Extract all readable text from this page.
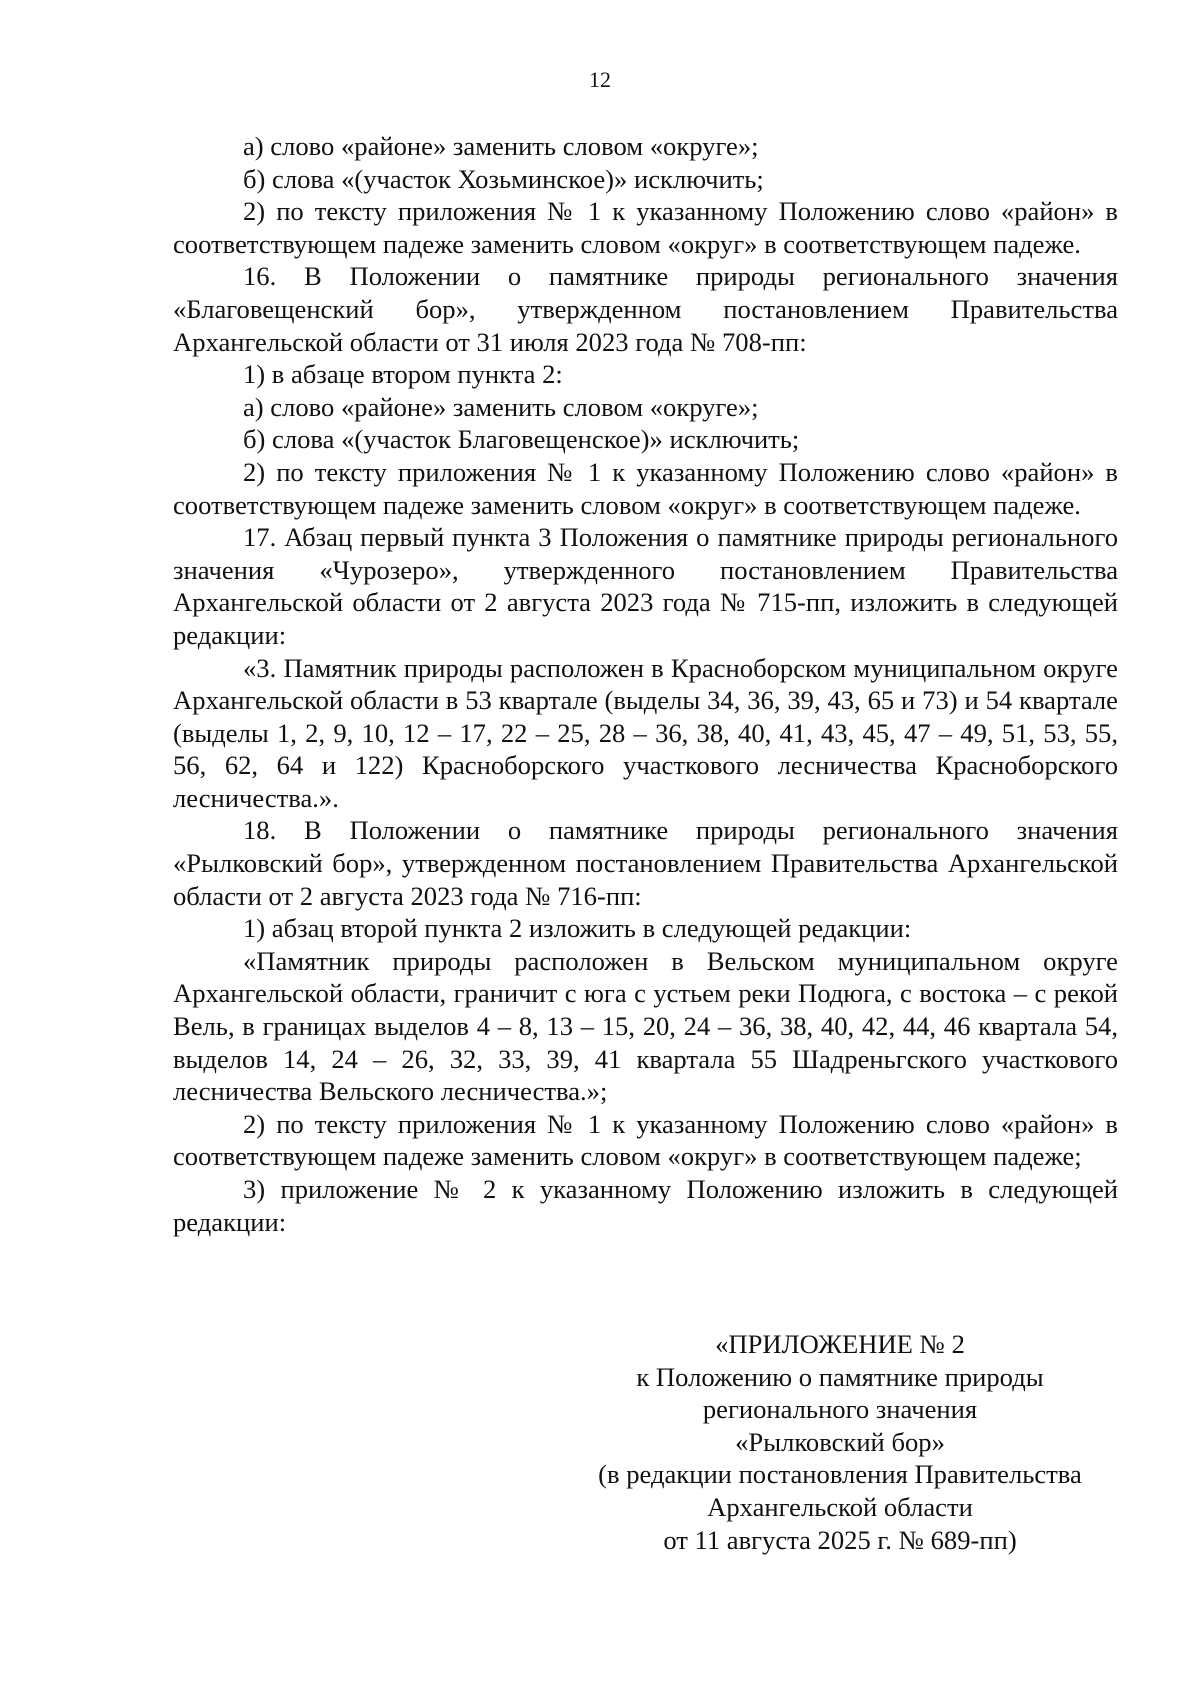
12

а) слово «районе» заменить словом «округе»;

б) слова «(участок Хозьминское)» исключить;

2) по тексту приложения № 1 к указанному Положению слово «район» в соответствующем падеже заменить словом «округ» в соответствующем падеже.

16. В Положении о памятнике природы регионального значения «Благовещенский бор», утвержденном постановлением Правительства Архангельской области от 31 июля 2023 года № 708-пп:

1) в абзаце втором пункта 2:

а) слово «районе» заменить словом «округе»;

б) слова «(участок Благовещенское)» исключить;

2) по тексту приложения № 1 к указанному Положению слово «район» в соответствующем падеже заменить словом «округ» в соответствующем падеже.

17. Абзац первый пункта 3 Положения о памятнике природы регионального значения «Чурозеро», утвержденного постановлением Правительства Архангельской области от 2 августа 2023 года № 715-пп, изложить в следующей редакции:

«3. Памятник природы расположен в Красноборском муниципальном округе Архангельской области в 53 квартале (выделы 34, 36, 39, 43, 65 и 73) и 54 квартале (выделы 1, 2, 9, 10, 12 – 17, 22 – 25, 28 – 36, 38, 40, 41, 43, 45, 47 – 49, 51, 53, 55, 56, 62, 64 и 122) Красноборского участкового лесничества Красноборского лесничества.».

18. В Положении о памятнике природы регионального значения «Рылковский бор», утвержденном постановлением Правительства Архангельской области от 2 августа 2023 года № 716-пп:

1) абзац второй пункта 2 изложить в следующей редакции:

«Памятник природы расположен в Вельском муниципальном округе Архангельской области, граничит с юга с устьем реки Подюга, с востока – с рекой Вель, в границах выделов 4 – 8, 13 – 15, 20, 24 – 36, 38, 40, 42, 44, 46 квартала 54, выделов 14, 24 – 26, 32, 33, 39, 41 квартала 55 Шадреньгского участкового лесничества Вельского лесничества.»;

2) по тексту приложения № 1 к указанному Положению слово «район» в соответствующем падеже заменить словом «округ» в соответствующем падеже;

3) приложение № 2 к указанному Положению изложить в следующей редакции:

«ПРИЛОЖЕНИЕ № 2

к Положению о памятнике природы

регионального значения

«Рылковский бор»

(в редакции постановления Правительства

Архангельской области

от 11 августа 2025 г. № 689-пп)
